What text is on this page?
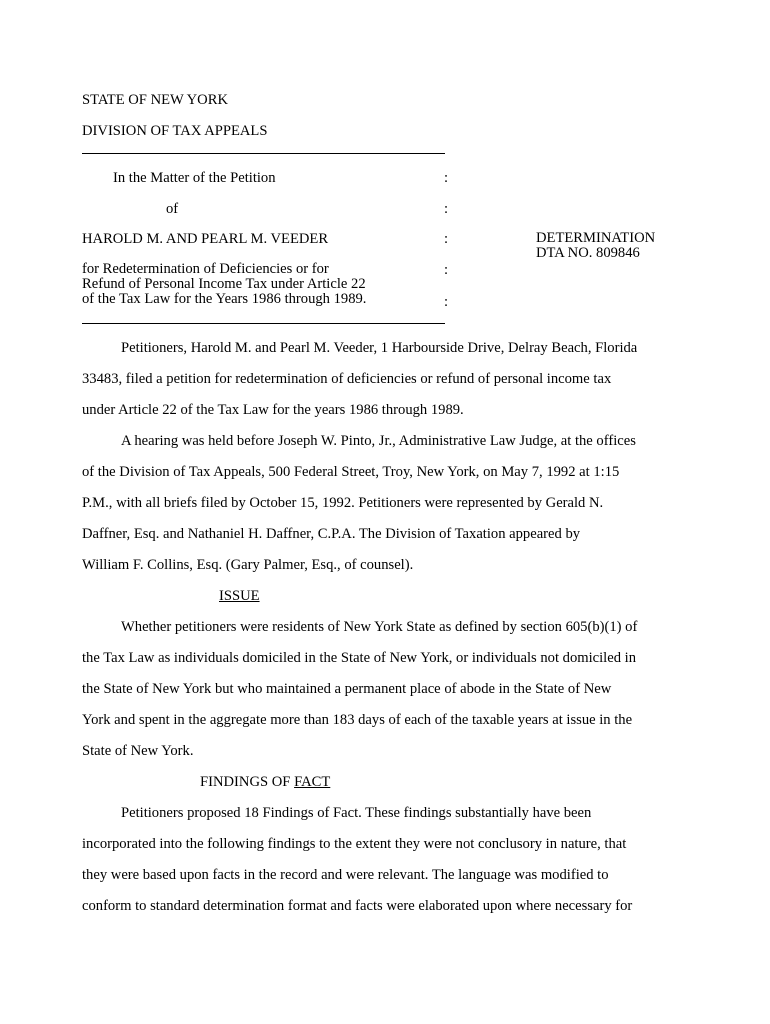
STATE OF NEW YORK
DIVISION OF TAX APPEALS
In the Matter of the Petition
of
HAROLD M. AND PEARL M. VEEDER
for Redetermination of Deficiencies or for
Refund of Personal Income Tax under Article 22
of the Tax Law for the Years 1986 through 1989.
:
:
:
:
:
DETERMINATION
DTA NO. 809846
Petitioners, Harold M. and Pearl M. Veeder, 1 Harbourside Drive, Delray Beach, Florida
33483, filed a petition for redetermination of deficiencies or refund of personal income tax
under Article 22 of the Tax Law for the years 1986 through 1989.
A hearing was held before Joseph W. Pinto, Jr., Administrative Law Judge, at the offices
of the Division of Tax Appeals, 500 Federal Street, Troy, New York, on May 7, 1992 at 1:15
P.M., with all briefs filed by October 15, 1992. Petitioners were represented by Gerald N.
Daffner, Esq. and Nathaniel H. Daffner, C.P.A. The Division of Taxation appeared by
William F. Collins, Esq. (Gary Palmer, Esq., of counsel).
ISSUE
Whether petitioners were residents of New York State as defined by section 605(b)(1) of
the Tax Law as individuals domiciled in the State of New York, or individuals not domiciled in
the State of New York but who maintained a permanent place of abode in the State of New
York and spent in the aggregate more than 183 days of each of the taxable years at issue in the
State of New York.
FINDINGS OF FACT
Petitioners proposed 18 Findings of Fact. These findings substantially have been
incorporated into the following findings to the extent they were not conclusory in nature, that
they were based upon facts in the record and were relevant. The language was modified to
conform to standard determination format and facts were elaborated upon where necessary for
